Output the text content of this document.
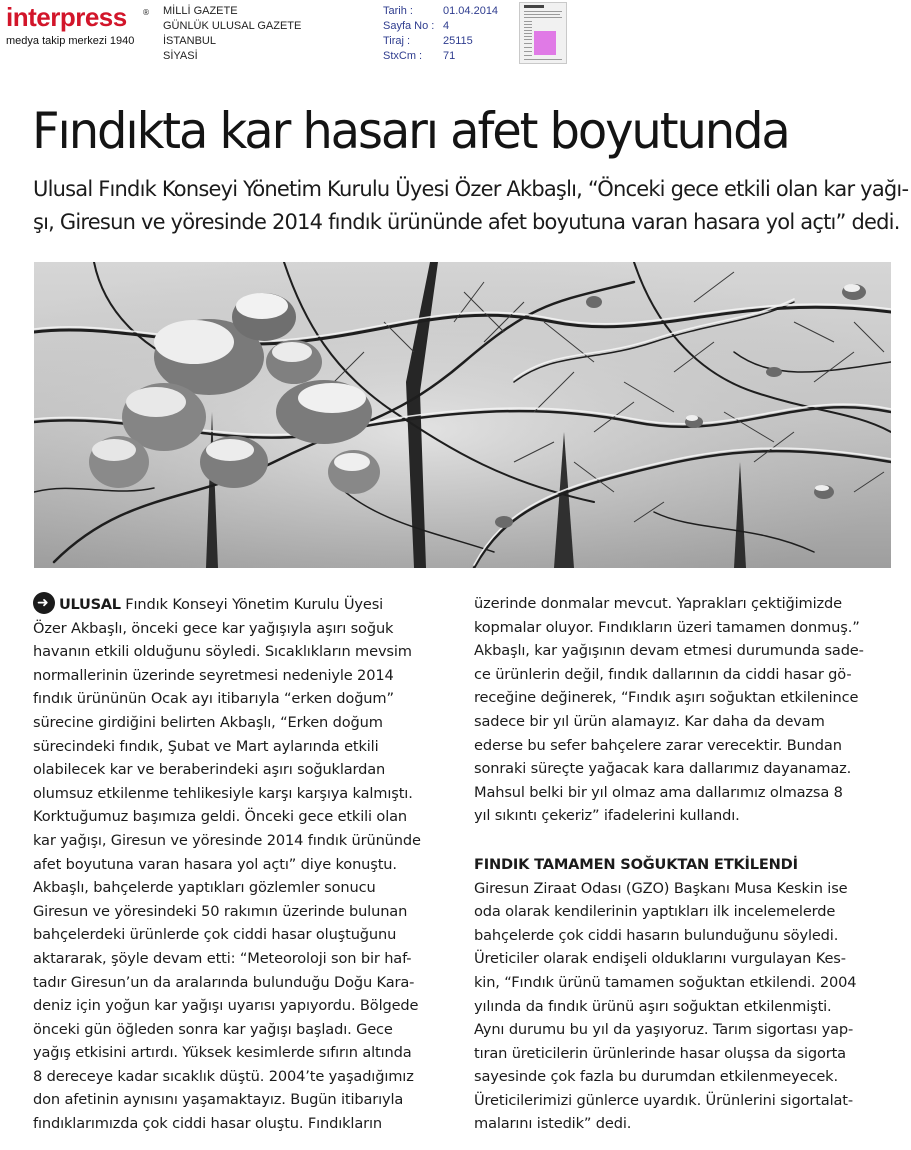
interpress ®
medya takip merkezi 1940
MİLLİ GAZETE
GÜNLÜK ULUSAL GAZETE
İSTANBUL
SİYASİ
Tarih :	01.04.2014
Sayfa No : 4
Tiraj :	25115
StxCm : 71
Fındıkta kar hasarı afet boyutunda
Ulusal Fındık Konseyi Yönetim Kurulu Üyesi Özer Akbaşlı, “Önceki gece etkili olan kar yağı-
şı, Giresun ve yöresinde 2014 fındık ürününde afet boyutuna varan hasara yol açtı” dedi.

➜ULUSAL Fındık Konseyi Yönetim Kurulu Üyesi

Özer Akbaşlı, önceki gece kar yağışıyla aşırı soğuk

havanın etkili olduğunu söyledi. Sıcaklıkların mevsim

normallerinin üzerinde seyretmesi nedeniyle 2014

fındık ürününün Ocak ayı itibarıyla “erken doğum”

sürecine girdiğini belirten Akbaşlı, “Erken doğum

sürecindeki fındık, Şubat ve Mart aylarında etkili

olabilecek kar ve beraberindeki aşırı soğuklardan

olumsuz etkilenme tehlikesiyle karşı karşıya kalmıştı.

Korktuğumuz başımıza geldi. Önceki gece etkili olan

kar yağışı, Giresun ve yöresinde 2014 fındık ürününde

afet boyutuna varan hasara yol açtı” diye konuştu.

Akbaşlı, bahçelerde yaptıkları gözlemler sonucu

Giresun ve yöresindeki 50 rakımın üzerinde bulunan

bahçelerdeki ürünlerde çok ciddi hasar oluştuğunu

aktararak, şöyle devam etti: “Meteoroloji son bir haf-

tadır Giresun’un da aralarında bulunduğu Doğu Kara-

deniz için yoğun kar yağışı uyarısı yapıyordu. Bölgede

önceki gün öğleden sonra kar yağışı başladı. Gece

yağış etkisini artırdı. Yüksek kesimlerde sıfırın altında

8 dereceye kadar sıcaklık düştü. 2004’te yaşadığımız

don afetinin aynısını yaşamaktayız. Bugün itibarıyla

fındıklarımızda çok ciddi hasar oluştu. Fındıkların

üzerinde donmalar mevcut. Yaprakları çektiğimizde

kopmalar oluyor. Fındıkların üzeri tamamen donmuş.”

Akbaşlı, kar yağışının devam etmesi durumunda sade-

ce ürünlerin değil, fındık dallarının da ciddi hasar gö-

receğine değinerek, “Fındık aşırı soğuktan etkilenince

sadece bir yıl ürün alamayız. Kar daha da devam

ederse bu sefer bahçelere zarar verecektir. Bundan

sonraki süreçte yağacak kara dallarımız dayanamaz.

Mahsul belki bir yıl olmaz ama dallarımız olmazsa 8

yıl sıkıntı çekeriz” ifadelerini kullandı.

FINDIK TAMAMEN SOĞUKTAN ETKİLENDİ

Giresun Ziraat Odası (GZO) Başkanı Musa Keskin ise

oda olarak kendilerinin yaptıkları ilk incelemelerde

bahçelerde çok ciddi hasarın bulunduğunu söyledi.

Üreticiler olarak endişeli olduklarını vurgulayan Kes-

kin, “Fındık ürünü tamamen soğuktan etkilendi. 2004

yılında da fındık ürünü aşırı soğuktan etkilenmişti.

Aynı durumu bu yıl da yaşıyoruz. Tarım sigortası yap-

tıran üreticilerin ürünlerinde hasar oluşsa da sigorta

sayesinde çok fazla bu durumdan etkilenmeyecek.

Üreticilerimizi günlerce uyardık. Ürünlerini sigortalat-

malarını istedik” dedi.
